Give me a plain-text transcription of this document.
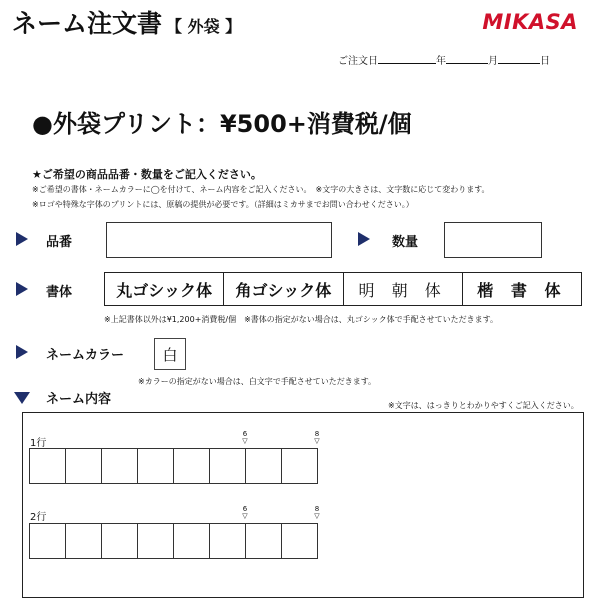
ネーム注文書 【 外袋 】	MIKASA
ご注文日	年	月	日
●外袋プリント：¥500+消費税/個
★ご希望の商品品番・数量をご記入ください。
※ご希望の書体・ネームカラーに◯を付けて、ネーム内容をご記入ください。　※文字の大きさは、文字数に応じて変わります。
※ロゴや特殊な字体のプリントには、原稿の提供が必要です。（詳細はミカサまでお問い合わせください。）
品番	数量
書体	丸ゴシック体	角ゴシック体	明 朝 体	楷 書 体
※上記書体以外は¥1,200+消費税/個　※書体の指定がない場合は、丸ゴシック体で手配させていただきます。
ネームカラー	白
※カラーの指定がない場合は、白文字で手配させていただきます。
ネーム内容	※文字は、はっきりとわかりやすくご記入ください。
1行
6
▽
8
▽
2行
6
▽
8
▽
